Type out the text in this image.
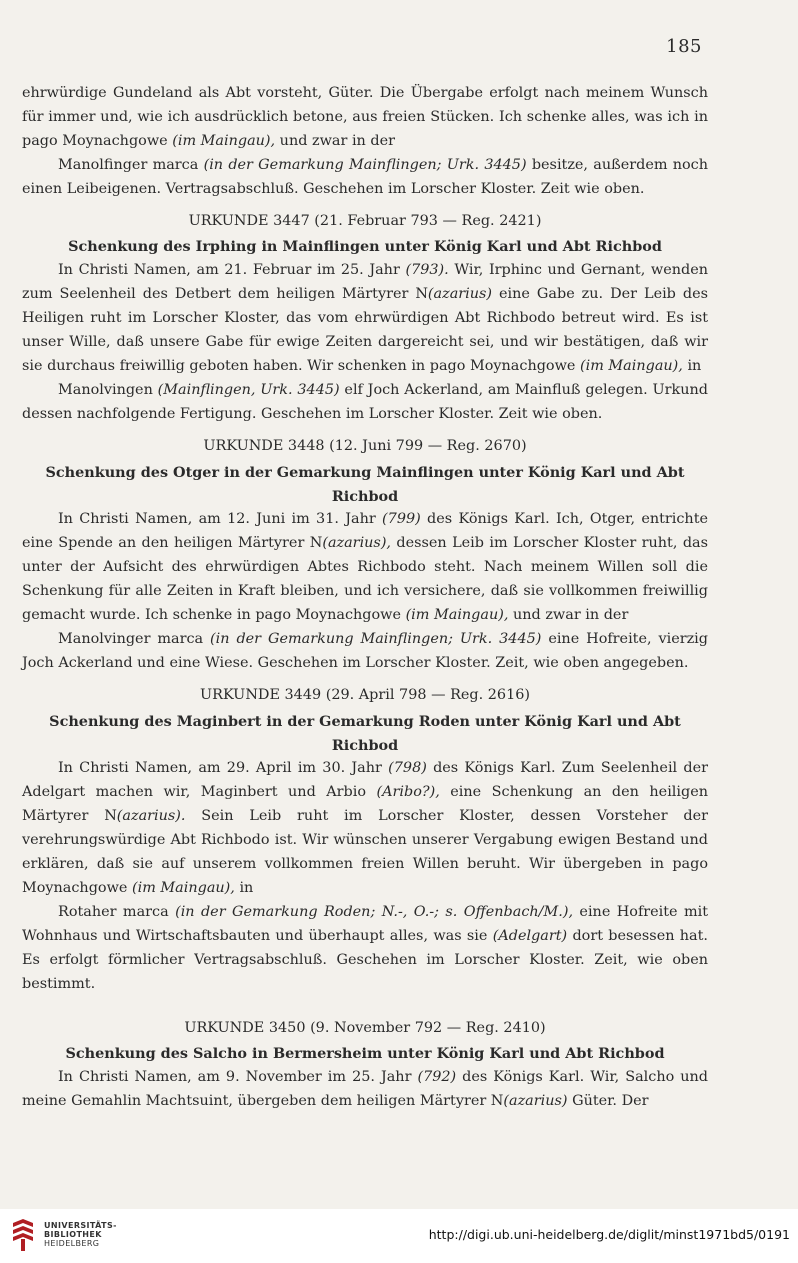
185

ehrwürdige Gundeland als Abt vorsteht, Güter. Die Übergabe erfolgt nach meinem Wunsch für immer und, wie ich ausdrücklich betone, aus freien Stücken. Ich schenke alles, was ich in pago Moynachgowe (im Maingau), und zwar in der

Manolfinger marca (in der Gemarkung Mainflingen; Urk. 3445) besitze, außerdem noch einen Leibeigenen. Vertragsabschluß. Geschehen im Lorscher Kloster. Zeit wie oben.

URKUNDE 3447 (21. Februar 793 — Reg. 2421)
Schenkung des Irphing in Mainflingen unter König Karl und Abt Richbod

In Christi Namen, am 21. Februar im 25. Jahr (793). Wir, Irphinc und Gernant, wenden zum Seelenheil des Detbert dem heiligen Märtyrer N(azarius) eine Gabe zu. Der Leib des Heiligen ruht im Lorscher Kloster, das vom ehrwürdigen Abt Richbodo betreut wird. Es ist unser Wille, daß unsere Gabe für ewige Zeiten dargereicht sei, und wir bestätigen, daß wir sie durchaus freiwillig geboten haben. Wir schenken in pago Moynachgowe (im Maingau), in

Manolvingen (Mainflingen, Urk. 3445) elf Joch Ackerland, am Mainfluß gelegen. Urkund dessen nachfolgende Fertigung. Geschehen im Lorscher Kloster. Zeit wie oben.

URKUNDE 3448 (12. Juni 799 — Reg. 2670)
Schenkung des Otger in der Gemarkung Mainflingen unter König Karl und Abt Richbod

In Christi Namen, am 12. Juni im 31. Jahr (799) des Königs Karl. Ich, Otger, entrichte eine Spende an den heiligen Märtyrer N(azarius), dessen Leib im Lorscher Kloster ruht, das unter der Aufsicht des ehrwürdigen Abtes Richbodo steht. Nach meinem Willen soll die Schenkung für alle Zeiten in Kraft bleiben, und ich versichere, daß sie vollkommen freiwillig gemacht wurde. Ich schenke in pago Moynachgowe (im Maingau), und zwar in der

Manolvinger marca (in der Gemarkung Mainflingen; Urk. 3445) eine Hofreite, vierzig Joch Ackerland und eine Wiese. Geschehen im Lorscher Kloster. Zeit, wie oben angegeben.

URKUNDE 3449 (29. April 798 — Reg. 2616)
Schenkung des Maginbert in der Gemarkung Roden unter König Karl und Abt Richbod

In Christi Namen, am 29. April im 30. Jahr (798) des Königs Karl. Zum Seelenheil der Adelgart machen wir, Maginbert und Arbio (Aribo?), eine Schenkung an den heiligen Märtyrer N(azarius). Sein Leib ruht im Lorscher Kloster, dessen Vorsteher der verehrungswürdige Abt Richbodo ist. Wir wünschen unserer Vergabung ewigen Bestand und erklären, daß sie auf unserem vollkommen freien Willen beruht. Wir übergeben in pago Moynachgowe (im Maingau), in

Rotaher marca (in der Gemarkung Roden; N.-, O.-; s. Offenbach/M.), eine Hofreite mit Wohnhaus und Wirtschaftsbauten und überhaupt alles, was sie (Adelgart) dort besessen hat. Es erfolgt förmlicher Vertragsabschluß. Geschehen im Lorscher Kloster. Zeit, wie oben bestimmt.

URKUNDE 3450 (9. November 792 — Reg. 2410)
Schenkung des Salcho in Bermersheim unter König Karl und Abt Richbod

In Christi Namen, am 9. November im 25. Jahr (792) des Königs Karl. Wir, Salcho und meine Gemahlin Machtsuint, übergeben dem heiligen Märtyrer N(azarius) Güter. Der

UNIVERSITÄTS-
BIBLIOTHEK
HEIDELBERG
http://digi.ub.uni-heidelberg.de/diglit/minst1971bd5/0191
